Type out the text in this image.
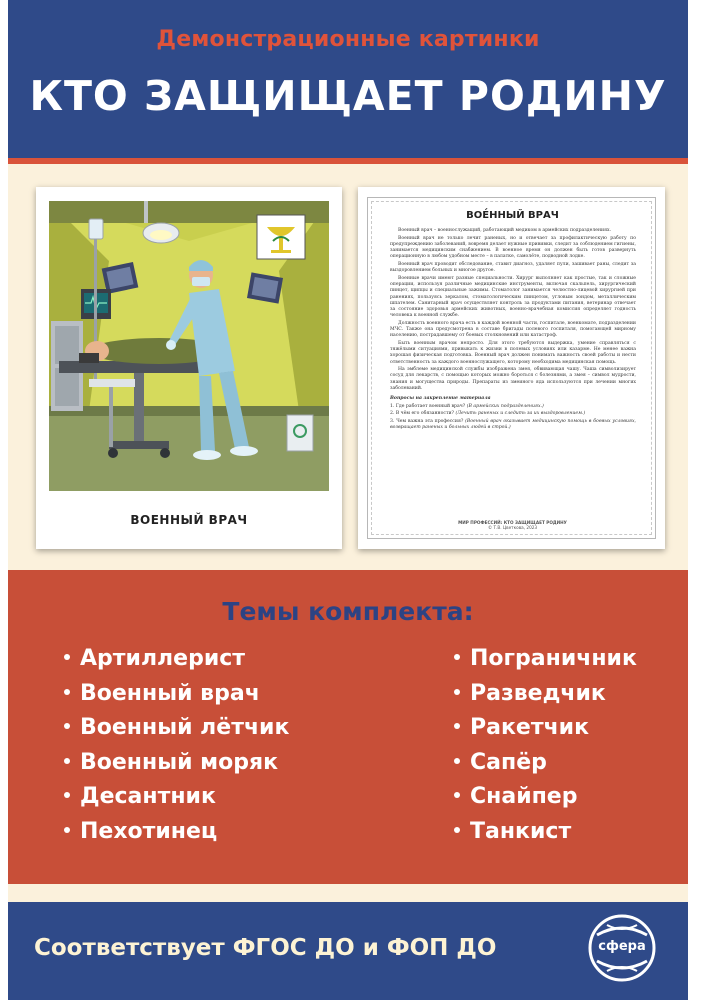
Демонстрационные картинки
КТО ЗАЩИЩАЕТ РОДИНУ
ВОЕННЫЙ ВРАЧ
ВОЕ́ННЫЙ ВРАЧ

Военный врач – военнослужащий, работающий медиком в армейских подразделениях.

Военный врач не только лечит раненых, но и отвечает за профилактическую работу по предупреждению заболеваний, вовремя делает нужные прививки, следит за соблюдением гигиены, занимается медицинским снабжением. В военное время он должен быть готов развернуть операционную в любом удобном месте – в палатке, самолёте, подводной лодке.

Военный врач проводит обследование, ставит диагноз, удаляет пули, зашивает раны, следит за выздоровлением больных и многое другое.

Военные врачи имеют разные специальности. Хирург выполняет как простые, так и сложные операции, используя различные медицинские инструменты, включая скальпель, хирургический пинцет, щипцы и специальные зажимы. Стоматолог занимается челюстно-лицевой хирургией при ранениях, пользуясь зеркалом, стоматологическим пинцетом, угловым зондом, металлическим шпателем. Санитарный врач осуществляет контроль за продуктами питания, ветеринар отвечает за состояние здоровья армейских животных, военно-врачебная комиссия определяет годность человека к военной службе.

Должность военного врача есть в каждой военной части, госпитале, военкомате, подразделении МЧС. Также она предусмотрена в составе бригады полевого госпиталя, помогающей мирному населению, пострадавшему от боевых столкновений или катастроф.

Быть военным врачом непросто. Для этого требуются выдержка, умение справляться с тяжёлыми ситуациями, привыкать к жизни в полевых условиях или казарме. Не менее важна хорошая физическая подготовка. Военный врач должен понимать важность своей работы и нести ответственность за каждого военнослужащего, которому необходима медицинская помощь.

На эмблеме медицинской службы изображена змея, обвивающая чашу. Чаша символизирует сосуд для лекарств, с помощью которых можно бороться с болезнями, а змея – символ мудрости, знания и могущества природы. Препараты из змеиного яда используются при лечении многих заболеваний.

Вопросы на закрепление материала

1. Где работает военный врач? (В армейских подразделениях.)

2. В чём его обязанности? (Лечить раненых и следить за их выздоровлением.)

3. Чем важна эта профессия? (Военный врач оказывает медицинскую помощь в боевых условиях, возвращает раненых и больных людей в строй.)

МИР ПРОФЕССИЙ: КТО ЗАЩИЩАЕТ РОДИНУ
© Т.В. Цветкова, 2023
Темы комплекта:
Артиллерист
Военный врач
Военный лётчик
Военный моряк
Десантник
Пехотинец
Пограничник
Разведчик
Ракетчик
Сапёр
Снайпер
Танкист
Соответствует ФГОС ДО и ФОП ДО	сфера
